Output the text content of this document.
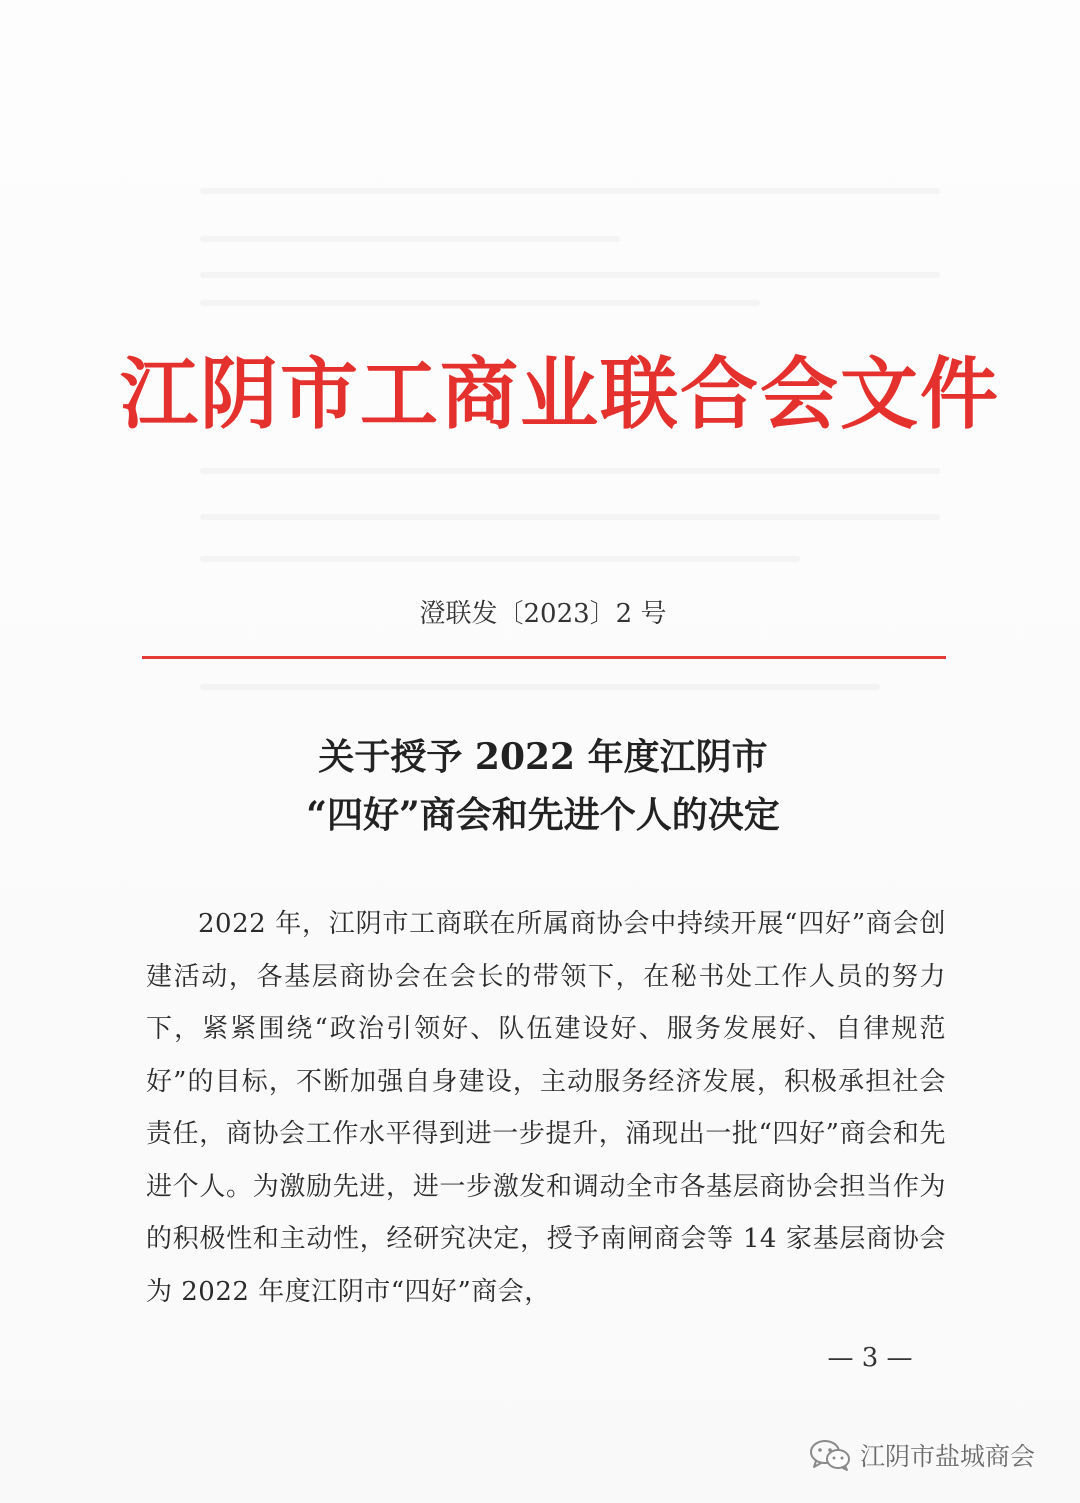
江阴市工商业联合会文件
澄联发〔2023〕2 号
关于授予 2022 年度江阴市
“四好”商会和先进个人的决定
2022 年，江阴市工商联在所属商协会中持续开展“四好”商会创建活动，各基层商协会在会长的带领下，在秘书处工作人员的努力下，紧紧围绕“政治引领好、队伍建设好、服务发展好、自律规范好”的目标，不断加强自身建设，主动服务经济发展，积极承担社会责任，商协会工作水平得到进一步提升，涌现出一批“四好”商会和先进个人。为激励先进，进一步激发和调动全市各基层商协会担当作为的积极性和主动性，经研究决定，授予南闸商会等 14 家基层商协会为 2022 年度江阴市“四好”商会，
— 3 —
江阴市盐城商会
